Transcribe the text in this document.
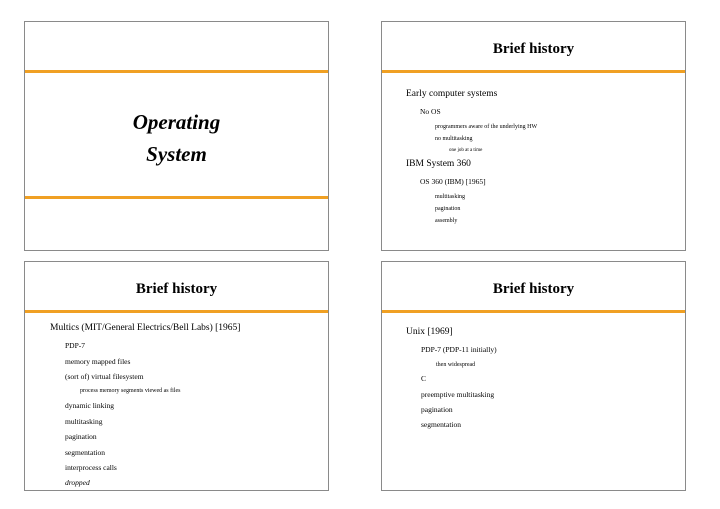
Operating
System
Brief history
Early computer systems
No OS
programmers aware of the underlying HW
no multitasking
one job at a time
IBM System 360
OS 360 (IBM) [1965]
multitasking
pagination
assembly
Brief history
Multics (MIT/General Electrics/Bell Labs) [1965]
PDP-7
memory mapped files
(sort of) virtual filesystem
process memory segments viewed as files
dynamic linking
multitasking
pagination
segmentation
interprocess calls
dropped
Brief history
Unix [1969]
PDP-7 (PDP-11 initially)
then widespread
C
preemptive multitasking
pagination
segmentation
